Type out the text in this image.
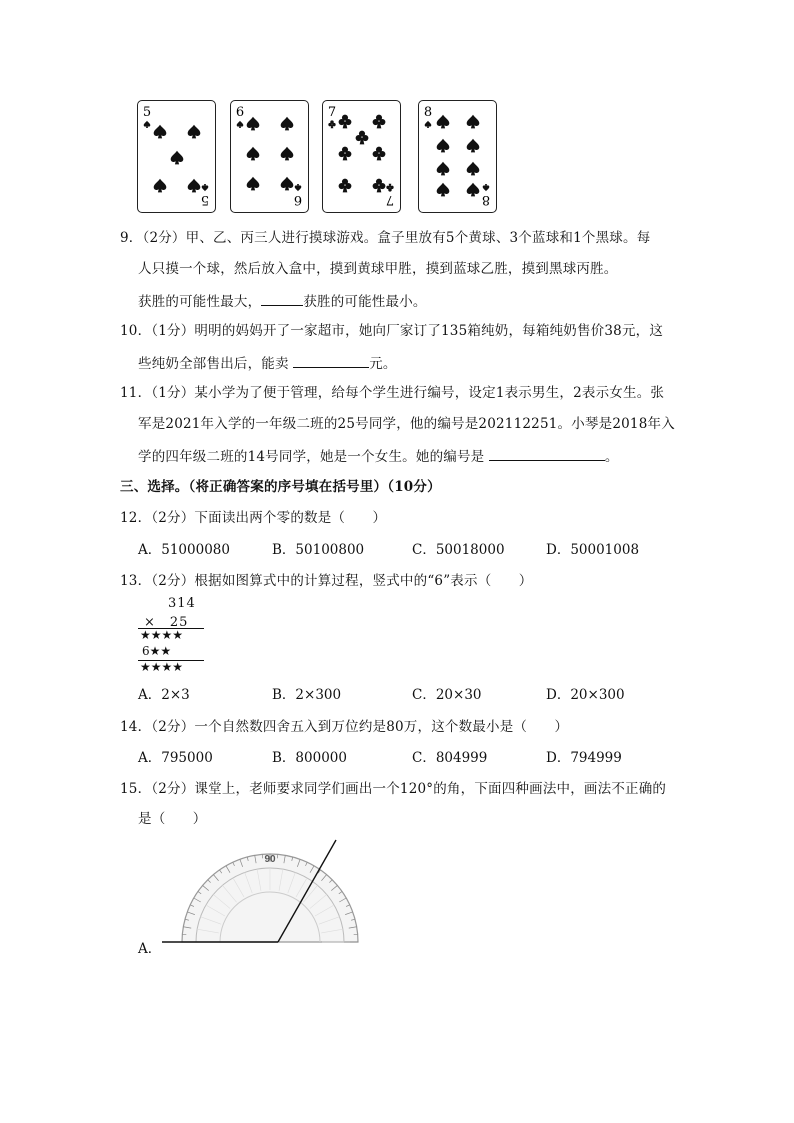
5
5
6
6
7
7
8
8
9．（2分）甲、乙、丙三人进行摸球游戏。盒子里放有5个黄球、3个蓝球和1个黑球。每
人只摸一个球，然后放入盒中，摸到黄球甲胜，摸到蓝球乙胜，摸到黑球丙胜。
获胜的可能性最大，	获胜的可能性最小。
10．（1分）明明的妈妈开了一家超市，她向厂家订了135箱纯奶，每箱纯奶售价38元，这
些纯奶全部售出后，能卖	元。
11．（1分）某小学为了便于管理，给每个学生进行编号，设定1表示男生，2表示女生。张
军是2021年入学的一年级二班的25号同学，他的编号是202112251。小琴是2018年入
学的四年级二班的14号同学，她是一个女生。她的编号是	。
三、选择。（将正确答案的序号填在括号里）（10分）
12．（2分）下面读出两个零的数是（　　）
A．51000080	B．50100800	C．50018000	D．50001008
13．（2分）根据如图算式中的计算过程，竖式中的“6”表示（　　）
314
×　25
★★★★
6★★
★★★★
A．2×3	B．2×300	C．20×30	D．20×300
14．（2分）一个自然数四舍五入到万位约是80万，这个数最小是（　　）
A．795000	B．800000	C．804999	D．794999
15．（2分）课堂上，老师要求同学们画出一个120°的角，下面四种画法中，画法不正确的
是（　　）
90
A．
